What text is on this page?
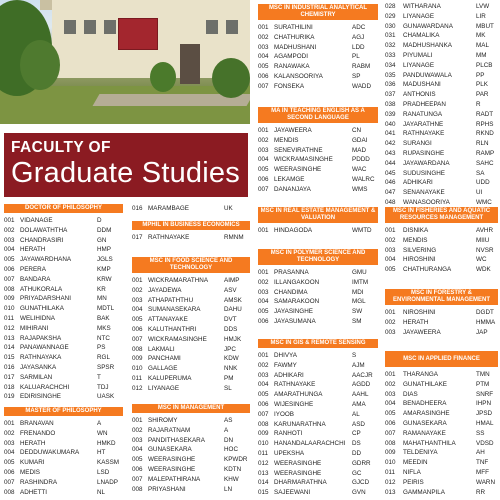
FACULTY OF
Graduate Studies
DOCTOR OF PHILOSOPHY
001 VIDANAGE	D
002 DOLAWATHTHA	DDM
003 CHANDRASIRI	GN
004 HERATH	HMP
005 JAYAWARDHANA	JGLS
006 PERERA	KMP
007 BANDARA	KRW
008 ATHUKORALA	KR
009 PRIYADARSHANI	MN
010 GUNATHILAKA	MDTL
011 WELIHIDNA	BAK
012 MIHIRANI	MKS
013 RAJAPAKSHA	NTC
014 PANAWANNAGE	PS
015 RATHNAYAKA	RGL
016 JAYASANKA	SPSR
017 SARMILAN	T
018 KALUARACHCHI	TDJ
019 EDIRISINGHE	UASK
MASTER OF PHILOSOPHY
001 BRANAVAN	A
002 FRENANDO	WN
003 HERATH	HMKD
004 DEDDUWAKUMARA	HT
005 KUMARI	KASSM
006 MEDIS	LSD
007 RASHINDRA	LNADP
008 ADHETTI	NL
016 MARAMBAGE	UK
MPHIL IN BUSINESS ECONOMICS
017 RATHNAYAKE	RMNM
MSC IN FOOD SCIENCE AND TECHNOLOGY
001 WICKRAMARATHNA	AIMP
002 JAYADEWA	ASV
003 ATHAPATHTHU	AMSK
004 SUMANASEKARA	DAHU
005 ATTANAYAKE	DVT
006 KALUTHANTHRI	DDS
007 WICKRAMASINGHE	HMJK
008 LAKMALI	JPC
009 PANCHAMI	KDW
010 GALLAGE	NNK
011 KALUPERUMA	PM
012 LIYANAGE	SL
MSC IN MANAGEMENT
001 SHIROMY	AS
002 RAJARATNAM	A
003 PANDITHASEKARA	DN
004 GUNASEKARA	HOC
005 WEERASINGHE	KPWDR
006 WEERASINGHE	KDTN
007 MALEPATHIRANA	KHW
008 PRIYASHANI	LN
MSC IN INDUSTRIAL ANALYTICAL CHEMISTRY
001 SURATHILINI	ADC
002 CHATHURIKA	AGJ
003 MADHUSHANI	LDD
004 AGAMPODI	PL
005 RANAWAKA	RABM
006 KALANSOORIYA	SP
007 FONSEKA	WADD
MA IN TEACHING ENGLISH AS A SECOND LANGUAGE
001 JAYAWEERA	CN
002 MENDIS	GDAI
003 SENEVIRATHNE	MAD
004 WICKRAMASINGHE	PDDD
005 WEERASINGHE	WAC
006 LEKAMGE	WALRC
007 DANANJAYA	WMS
MSC IN REAL ESTATE MANAGEMENT & VALUATION
001 HINDAGODA	WMTD
MSC IN POLYMER SCIENCE AND TECHNOLOGY
001 PRASANNA	GMU
002 ILLANGAKOON	IMTM
003 CHANDIMA	MDI
004 SAMARAKOON	MGL
005 JAYASINGHE	SW
006 JAYASUMANA	SM
MSC IN GIS & REMOTE SENSING
001 DHIVYA	S
002 FAWMY	AJM
003 ADHIKARI	AACJR
004 RATHNAYAKE	AGDD
005 AMARATHUNGA	AAHL
006 WIJESINGHE	AMA
007 IYOOB	AL
008 KARUNARATHNA	ASD
009 RANHOTI	CP
010 HANANDALAARACHCHI	DS
011 UPEKSHA	DD
012 WEERASINGHE	GDRR
013 WEERASINGHE	GC
014 DHARMARATHNA	GJCD
015 SAJEEWANI	GVN
028	WITHARANA	LVW
029	LIYANAGE	LIR
030	GUNAWARDANA	MBUT
031	CHAMALIKA	MK
032	MADHUSHANKA	MAL
033	PIYUMALI	MM
034	LIYANAGE	PLCB
035	PANDUWAWALA	PP
036	MADUSHANI	PLK
037	ANTHONIS	PAR
038	PRADHEEPAN	R
039	RANATUNGA	RADT
040	JAYARATHNE	RPHS
041	RATHNAYAKE	RKND
042	SURANGI	RLN
043	RUPASINGHE	RAMP
044	JAYAWARDANA	SAHC
045	SUDUSINGHE	SA
046	ADHIKARI	UDD
047	SENANAYAKE	UI
048	WANASOORIYA	WMC
MSC IN FISHERIES AND AQUATIC RESOURCES MANAGEMENT
001	DISNIKA	AVHR
002	MENDIS	MIIU
003	SILVERING	NVSR
004	HIROSHINI	WC
005	CHATHURANGA	WDK
MSC IN FORESTRY & ENVIRONMENTAL MANAGEMENT
001	NIROSHINI	DGDT
002	HERATH	HMMA
003	JAYAWEERA	JAP
MSC IN APPLIED FINANCE
001	THARANGA	TMN
002	GUNATHILAKE	PTM
003	DIAS	SNRF
004	BENADHEERA	IHPN
005	AMARASINGHE	JPSD
006	GUNASEKARA	HMAL
007	RAMANAYAKE	SS
008	MAHATHANTHILA	VDSD
009	TELDENIYA	AH
010	MEEDIN	TNF
011	NIFLA	MFF
012	PEIRIS	WARN
013	GAMMANPILA	RR
